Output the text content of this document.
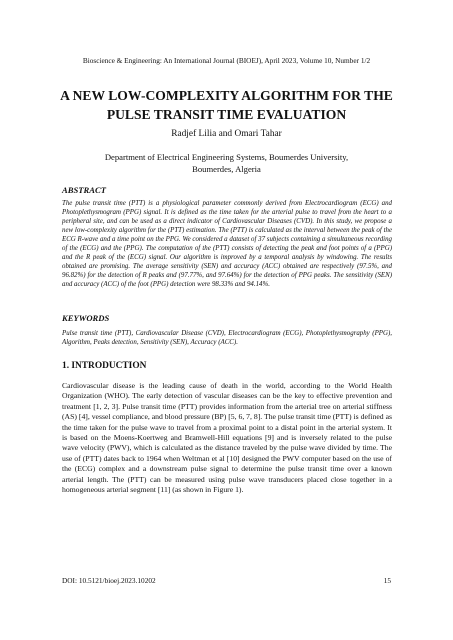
Bioscience & Engineering: An International Journal (BIOEJ), April 2023, Volume 10, Number 1/2
A NEW LOW-COMPLEXITY ALGORITHM FOR THE
PULSE TRANSIT TIME EVALUATION
Radjef Lilia and Omari Tahar
Department of Electrical Engineering Systems, Boumerdes University,
Boumerdes, Algeria
ABSTRACT
The pulse transit time (PTT) is a physiological parameter commonly derived from Electrocardiogram (ECG) and Photoplethysmogram (PPG) signal. It is defined as the time taken for the arterial pulse to travel from the heart to a peripheral site, and can be used as a direct indicator of Cardiovascular Diseases (CVD). In this study, we propose a new low-complexity algorithm for the (PTT) estimation. The (PTT) is calculated as the interval between the peak of the ECG R-wave and a time point on the PPG. We considered a dataset of 37 subjects containing a simultaneous recording of the (ECG) and the (PPG). The computation of the (PTT) consists of detecting the peak and foot points of a (PPG) and the R peak of the (ECG) signal. Our algorithm is improved by a temporal analysis by windowing. The results obtained are promising. The average sensitivity (SEN) and accuracy (ACC) obtained are respectively (97.5%, and 96.82%) for the detection of R peaks and (97.77%, and 97.64%) for the detection of PPG peaks. The sensitivity (SEN) and accuracy (ACC) of the foot (PPG) detection were 98.33% and 94.14%.
KEYWORDS
Pulse transit time (PTT), Cardiovascular Disease (CVD), Electrocardiogram (ECG), Photoplethysmography (PPG), Algorithm, Peaks detection, Sensitivity (SEN), Accuracy (ACC).
1. INTRODUCTION
Cardiovascular disease is the leading cause of death in the world, according to the World Health Organization (WHO). The early detection of vascular diseases can be the key to effective prevention and treatment [1, 2, 3]. Pulse transit time (PTT) provides information from the arterial tree on arterial stiffness (AS) [4], vessel compliance, and blood pressure (BP) [5, 6, 7, 8]. The pulse transit time (PTT) is defined as the time taken for the pulse wave to travel from a proximal point to a distal point in the arterial system. It is based on the Moens-Koertweg and Bramwell-Hill equations [9] and is inversely related to the pulse wave velocity (PWV), which is calculated as the distance traveled by the pulse wave divided by time. The use of (PTT) dates back to 1964 when Weltman et al [10] designed the PWV computer based on the use of the (ECG) complex and a downstream pulse signal to determine the pulse transit time over a known arterial length. The (PTT) can be measured using pulse wave transducers placed close together in a homogeneous arterial segment [11] (as shown in Figure 1).
DOI: 10.5121/bioej.2023.10202	15
